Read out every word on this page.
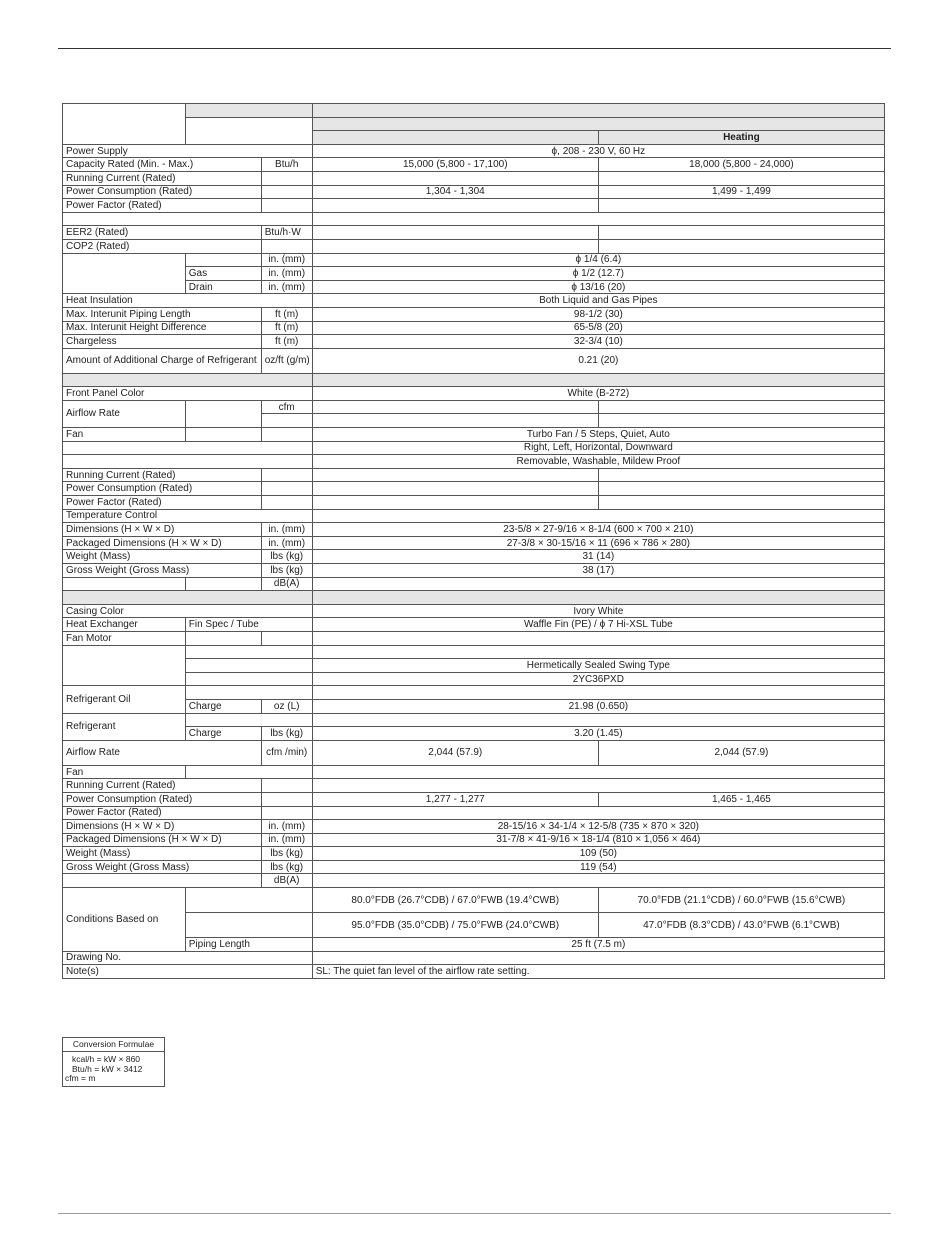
				Heating
Power Supply			ϕ, 208 - 230 V, 60 Hz	
Capacity Rated (Min. - Max.)		Btu/h	15,000 (5,800 - 17,100)	18,000 (5,800 - 24,000)
Running Current (Rated)				
Power Consumption (Rated)			1,304 - 1,304	1,499 - 1,499
Power Factor (Rated)				

EER2 (Rated)		Btu/h·W		
COP2 (Rated)				
		in. (mm)	ϕ 1/4 (6.4)	
	Gas	in. (mm)	ϕ 1/2 (12.7)	
	Drain	in. (mm)	ϕ 13/16 (20)	
Heat Insulation			Both Liquid and Gas Pipes	
Max. Interunit Piping Length		ft (m)	98-1/2 (30)	
Max. Interunit Height Difference		ft (m)	65-5/8 (20)	
Chargeless		ft (m)	32-3/4 (10)	
Amount of Additional Charge of Refrigerant		oz/ft (g/m)	0.21 (20)	

Front Panel Color			White (B-272)	
Airflow Rate		cfm		

Fan			Turbo Fan / 5 Steps, Quiet, Auto	
			Right, Left, Horizontal, Downward	
			Removable, Washable, Mildew Proof	
Running Current (Rated)				
Power Consumption (Rated)				
Power Factor (Rated)				
Temperature Control				
Dimensions (H × W × D)		in. (mm)	23-5/8 × 27-9/16 × 8-1/4 (600 × 700 × 210)	
Packaged Dimensions (H × W × D)		in. (mm)	27-3/8 × 30-15/16 × 11 (696 × 786 × 280)	
Weight (Mass)		lbs (kg)	31 (14)	
Gross Weight (Gross Mass)		lbs (kg)	38 (17)	
		dB(A)		

Casing Color			Ivory White	
Heat Exchanger	Fin Spec / Tube		Waffle Fin (PE) / ϕ 7 Hi-XSL Tube	
Fan Motor				

			Hermetically Sealed Swing Type	
			2YC36PXD	
Refrigerant Oil				
	Charge	oz (L)	21.98 (0.650)	
Refrigerant				
	Charge	lbs (kg)	3.20 (1.45)	
Airflow Rate		cfm /min)	2,044 (57.9)	2,044 (57.9)
Fan				
Running Current (Rated)				
Power Consumption (Rated)			1,277 - 1,277	1,465 - 1,465
Power Factor (Rated)				
Dimensions (H × W × D)		in. (mm)	28-15/16 × 34-1/4 × 12-5/8 (735 × 870 × 320)	
Packaged Dimensions (H × W × D)		in. (mm)	31-7/8 × 41-9/16 × 18-1/4 (810 × 1,056 × 464)	
Weight (Mass)		lbs (kg)	109 (50)	
Gross Weight (Gross Mass)		lbs (kg)	119 (54)	
		dB(A)		
Conditions Based on			80.0°FDB (26.7°CDB) / 67.0°FWB (19.4°CWB)	70.0°FDB (21.1°CDB) / 60.0°FWB (15.6°CWB)
			95.0°FDB (35.0°CDB) / 75.0°FWB (24.0°CWB)	47.0°FDB (8.3°CDB) / 43.0°FWB (6.1°CWB)
	Piping Length		25 ft (7.5 m)	
Drawing No.				
Note(s)			SL: The quiet fan level of the airflow rate setting.	
Conversion Formulae
kcal/h = kW × 860
Btu/h = kW × 3412
cfm = m
